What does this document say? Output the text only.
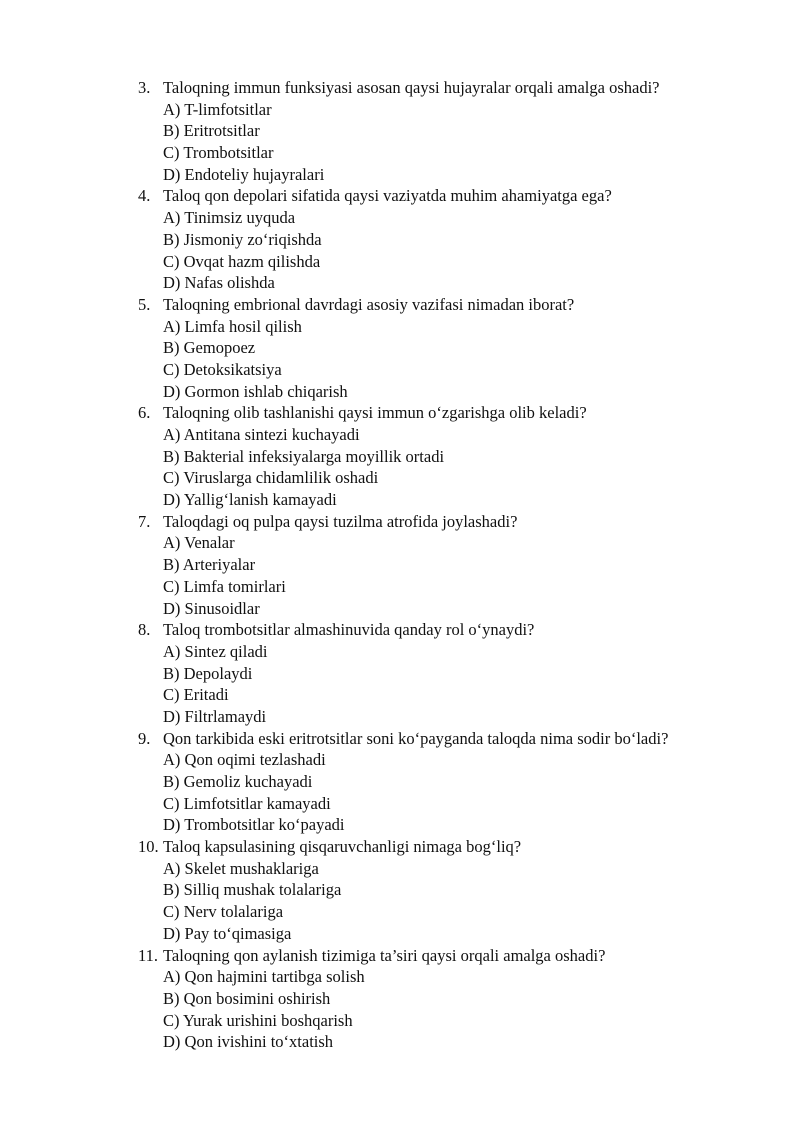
3. Taloqning immun funksiyasi asosan qaysi hujayralar orqali amalga oshadi?
A) T-limfotsitlar
B) Eritrotsitlar
C) Trombotsitlar
D) Endoteliy hujayralari
4. Taloq qon depolari sifatida qaysi vaziyatda muhim ahamiyatga ega?
A) Tinimsiz uyquda
B) Jismoniy zo‘riqishda
C) Ovqat hazm qilishda
D) Nafas olishda
5. Taloqning embrional davrdagi asosiy vazifasi nimadan iborat?
A) Limfa hosil qilish
B) Gemopoez
C) Detoksikatsiya
D) Gormon ishlab chiqarish
6. Taloqning olib tashlanishi qaysi immun o‘zgarishga olib keladi?
A) Antitana sintezi kuchayadi
B) Bakterial infeksiyalarga moyillik ortadi
C) Viruslarga chidamlilik oshadi
D) Yallig‘lanish kamayadi
7. Taloqdagi oq pulpa qaysi tuzilma atrofida joylashadi?
A) Venalar
B) Arteriyalar
C) Limfa tomirlari
D) Sinusoidlar
8. Taloq trombotsitlar almashinuvida qanday rol o‘ynaydi?
A) Sintez qiladi
B) Depolaydi
C) Eritadi
D) Filtrlamaydi
9. Qon tarkibida eski eritrotsitlar soni ko‘payganda taloqda nima sodir bo‘ladi?
A) Qon oqimi tezlashadi
B) Gemoliz kuchayadi
C) Limfotsitlar kamayadi
D) Trombotsitlar ko‘payadi
10. Taloq kapsulasining qisqaruvchanligi nimaga bog‘liq?
A) Skelet mushaklariga
B) Silliq mushak tolalariga
C) Nerv tolalariga
D) Pay to‘qimasiga
11. Taloqning qon aylanish tizimiga ta’siri qaysi orqali amalga oshadi?
A) Qon hajmini tartibga solish
B) Qon bosimini oshirish
C) Yurak urishini boshqarish
D) Qon ivishini to‘xtatish
